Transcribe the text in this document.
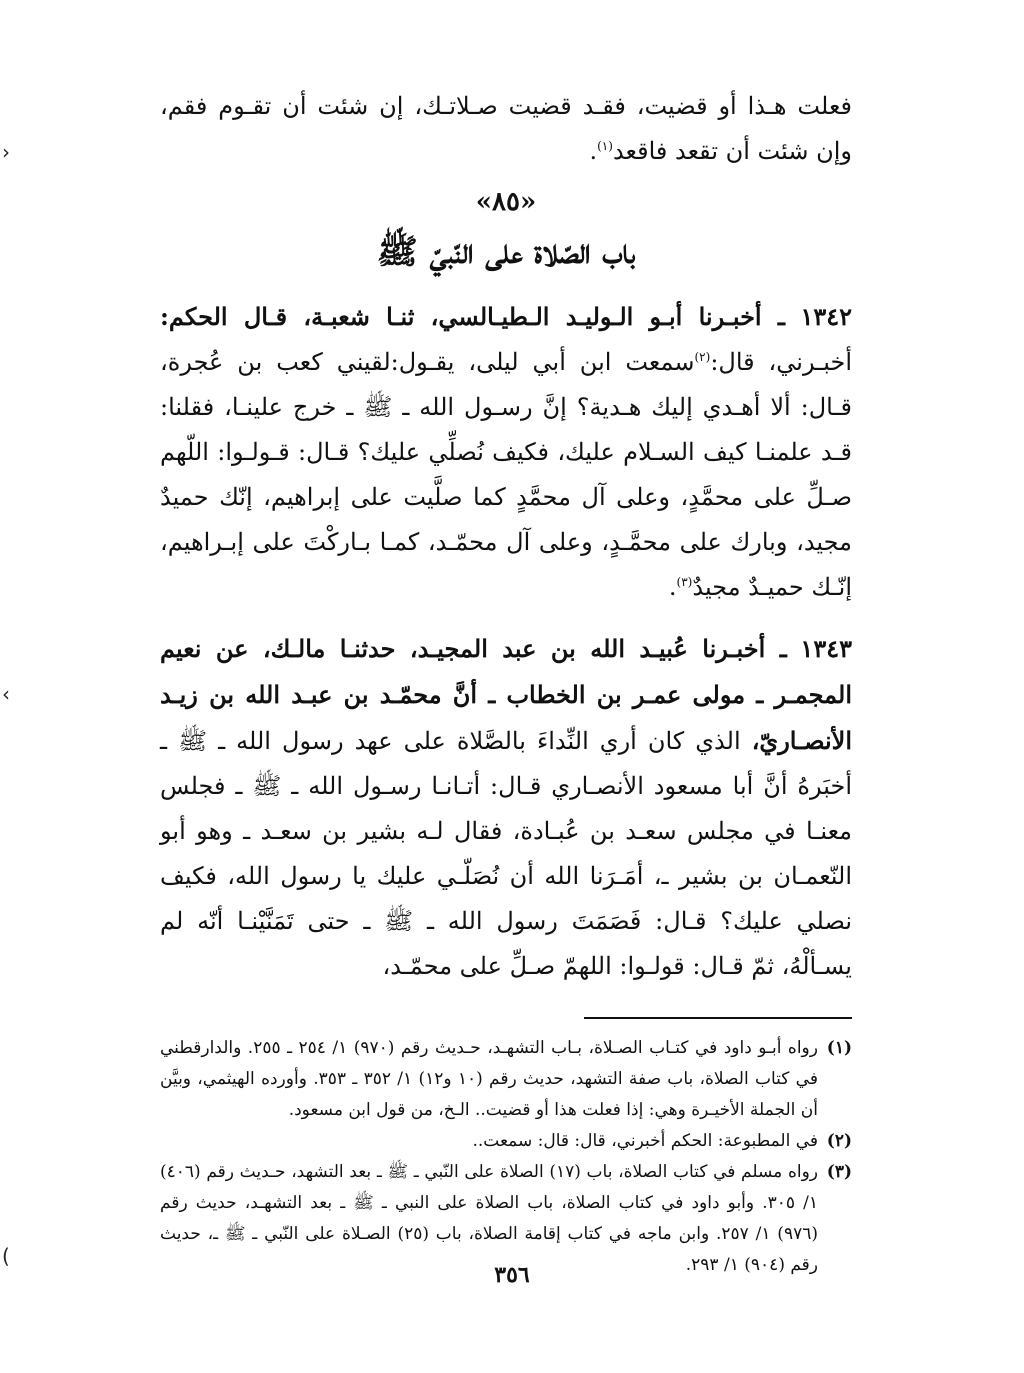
›
‹
(

فعلت هـذا أو قضيت، فقـد قضيت صـلاتـك، إن شئت أن تقـوم فقم، وإن شئت أن تقعد فاقعد$^{(١)}$.

«٨٥»
باب الصّلاة على النّبيّ ﷺ

١٣٤٢ ـ أخبـرنا أبـو الـوليـد الـطيـالسي، ثنـا شعبـة، قـال الحكم: أخبـرني، قال:$^{(٢)}$سمعت ابن أبي ليلى، يقـول:لقيني كعب بن عُجرة، قـال: ألا أهـدي إليك هـدية؟ إنَّ رسـول الله ـ ﷺ ـ خرج علينـا، فقلنا: قـد علمنـا كيف السـلام عليك، فكيف نُصلِّي عليك؟ قـال: قـولـوا: اللّهم صـلِّ على محمَّدٍ، وعلى آل محمَّدٍ كما صلَّيت على إبراهيم، إنّك حميدٌ مجيد، وبارك على محمَّـدٍ، وعلى آل محمّـد، كمـا بـاركْتَ على إبـراهيم، إنّـك حميـدٌ مجيدٌ$^{(٣)}$.

١٣٤٣ ـ أخبـرنا عُبيـد الله بن عبد المجيـد، حدثنـا مالـك، عن نعيم المجمـر ـ مولى عمـر بن الخطاب ـ أنَّ محمّـد بن عبـد الله بن زيـد الأنصـاريّ، الذي كان أري النِّداءَ بالصَّلاة على عهد رسول الله ـ ﷺ ـ أخبَرهُ أنَّ أبا مسعود الأنصـاري قـال: أتـانـا رسـول الله ـ ﷺ ـ فجلس معنـا في مجلس سعـد بن عُبـادة، فقال لـه بشير بن سعـد ـ وهو أبو النّعمـان بن بشير ـ، أمَـرَنا الله أن نُصَلّـي عليك يا رسول الله، فكيف نصلي عليك؟ قـال: فَصَمَتَ رسول الله ـ ﷺ ـ حتى تَمَنَّيْنـا أنّه لم يسـألْهُ، ثمّ قـال: قولـوا: اللهمّ صـلِّ على محمّـد،

(١)
رواه أبـو داود في كتـاب الصـلاة، بـاب التشهـد، حـديث رقم (٩٧٠) ١/ ٢٥٤ ـ ٢٥٥. والدارقطني في كتاب الصلاة، باب صفة التشهد، حديث رقم (١٠ و١٢) ١/ ٣٥٢ ـ ٣٥٣. وأورده الهيثمي، وبيَّن أن الجملة الأخيـرة وهي: إذا فعلت هذا أو قضيت.. الـخ، من قول ابن مسعود.
(٢)
في المطبوعة: الحكم أخبرني، قال: قال: سمعت..
(٣)
رواه مسلم في كتاب الصلاة، باب (١٧) الصلاة على النّبي ـ ﷺ ـ بعد التشهد، حـديث رقم (٤٠٦) ١/ ٣٠٥. وأبو داود في كتاب الصلاة، باب الصلاة على النبي ـ ﷺ ـ بعد التشهـد، حديث رقم (٩٧٦) ١/ ٢٥٧. وابن ماجه في كتاب إقامة الصلاة، باب (٢٥) الصـلاة على النّبي ـ ﷺ ـ، حديث رقم (٩٠٤) ١/ ٢٩٣.
٣٥٦
